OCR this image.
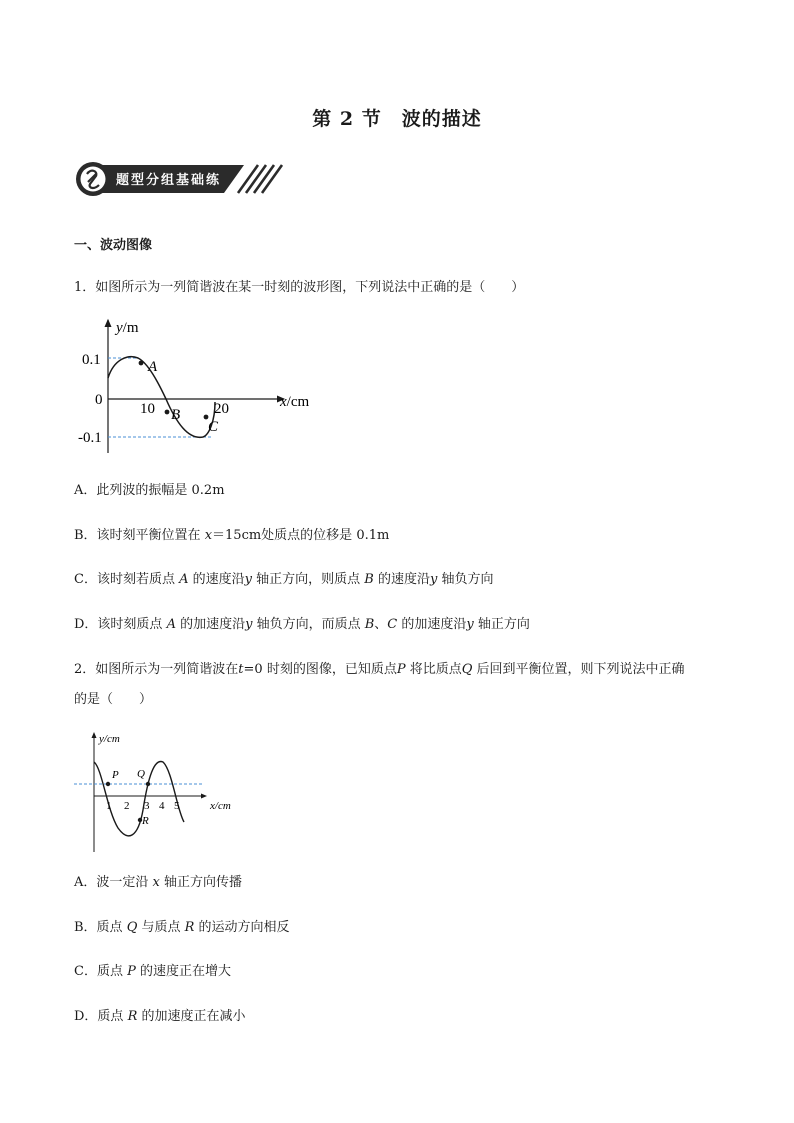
第 2 节　波的描述
题型分组基础练
一、波动图像
1．如图所示为一列简谐波在某一时刻的波形图，下列说法中正确的是（　　）
y/m
x/cm
0.1
0
-0.1
10	20
A
B
C
A．此列波的振幅是 0.2m
B．该时刻平衡位置在 x＝15cm处质点的位移是 0.1m
C．该时刻若质点 A 的速度沿y 轴正方向，则质点 B 的速度沿y 轴负方向
D．该时刻质点 A 的加速度沿y 轴负方向，而质点 B、C 的加速度沿y 轴正方向
2．如图所示为一列简谐波在t=0 时刻的图像，已知质点P 将比质点Q 后回到平衡位置，则下列说法中正确
的是（　　）
y/cm
x/cm
1 2 3 4 5
P Q
R
A．波一定沿 x 轴正方向传播
B．质点 Q 与质点 R 的运动方向相反
C．质点 P 的速度正在增大
D．质点 R 的加速度正在减小
